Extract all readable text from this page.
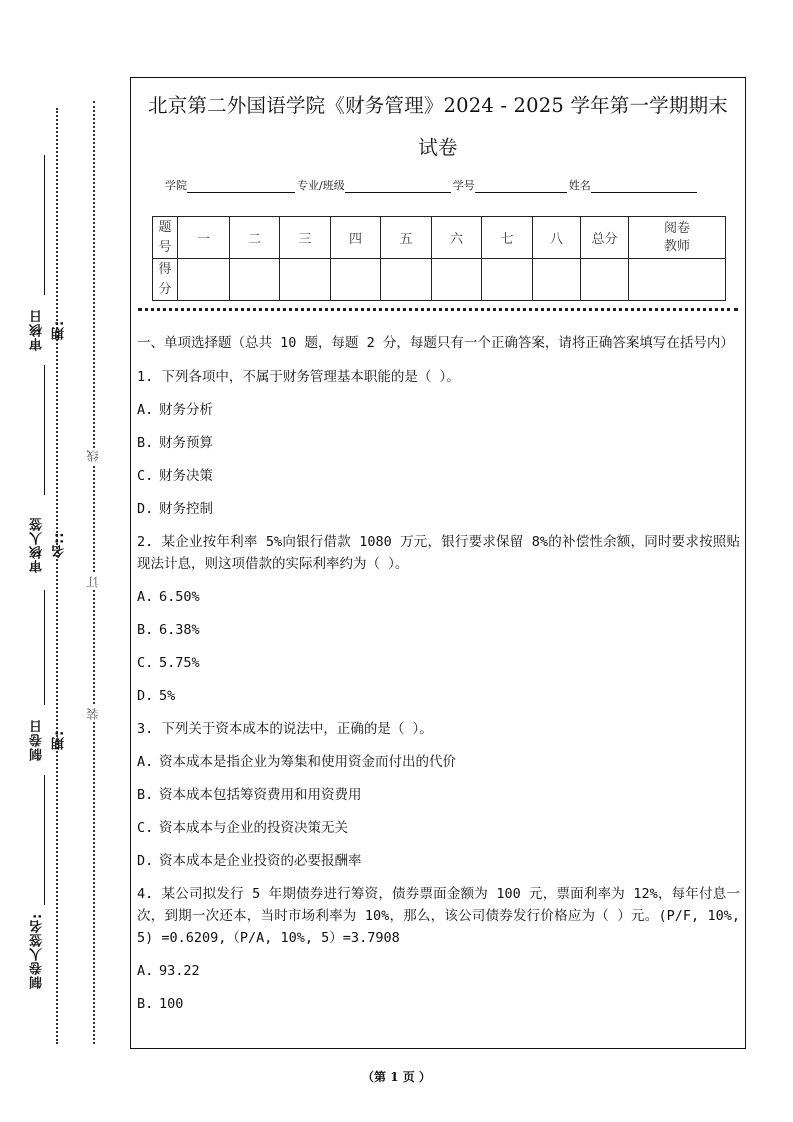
审核日期:
审核人签名::
制卷日期:
制卷人签名:
线
订
装
北京第二外国语学院《财务管理》2024 - 2025 学年第一学期期末
试卷
学院	专业/班级	学号	姓名
题号	一	二	三	四	五	六	七	八	总分	阅卷教师
得分										
一、单项选择题（总共 10 题，每题 2 分，每题只有一个正确答案，请将正确答案填写在括号内）
1. 下列各项中，不属于财务管理基本职能的是（ ）。
A. 财务分析
B. 财务预算
C. 财务决策
D. 财务控制
2. 某企业按年利率 5%向银行借款 1080 万元，银行要求保留 8%的补偿性余额，同时要求按照贴现法计息，则这项借款的实际利率约为（ ）。
A. 6.50%
B. 6.38%
C. 5.75%
D. 5%
3. 下列关于资本成本的说法中，正确的是（ ）。
A. 资本成本是指企业为筹集和使用资金而付出的代价
B. 资本成本包括筹资费用和用资费用
C. 资本成本与企业的投资决策无关
D. 资本成本是企业投资的必要报酬率
4. 某公司拟发行 5 年期债券进行筹资，债券票面金额为 100 元，票面利率为 12%，每年付息一次，到期一次还本，当时市场利率为 10%，那么，该公司债券发行价格应为（ ）元。(P/F, 10%, 5) =0.6209,（P/A, 10%, 5）=3.7908
A. 93.22
B. 100
（第 1 页 ）
